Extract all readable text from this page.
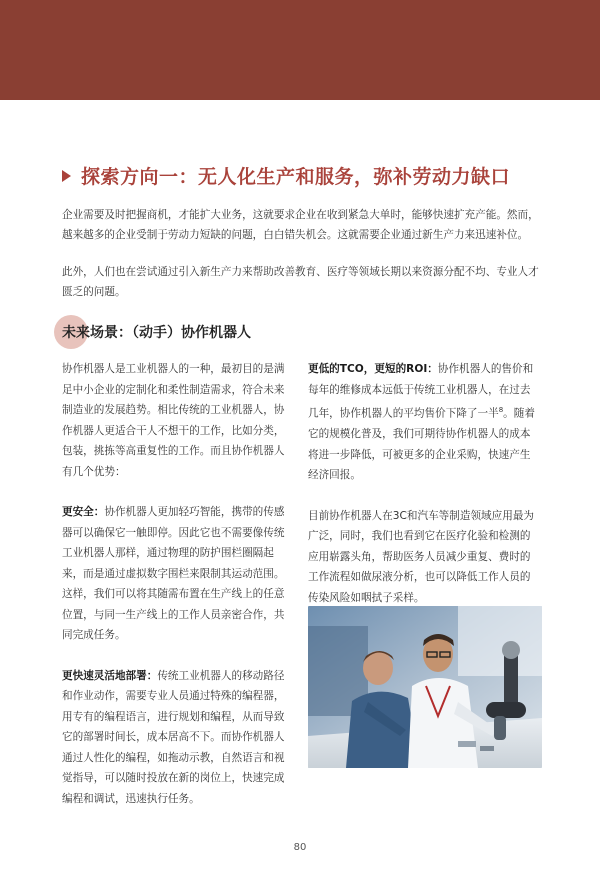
探索方向一：无人化生产和服务，弥补劳动力缺口

企业需要及时把握商机，才能扩大业务，这就要求企业在收到紧急大单时，能够快速扩充产能。然而，越来越多的企业受制于劳动力短缺的问题，白白错失机会。这就需要企业通过新生产力来迅速补位。

此外，人们也在尝试通过引入新生产力来帮助改善教育、医疗等领域长期以来资源分配不均、专业人才匮乏的问题。

未来场景：（动手）协作机器人

协作机器人是工业机器人的一种，最初目的是满足中小企业的定制化和柔性制造需求，符合未来制造业的发展趋势。相比传统的工业机器人，协作机器人更适合干人不想干的工作，比如分类，包装，挑拣等高重复性的工作。而且协作机器人有几个优势：

更安全：协作机器人更加轻巧智能，携带的传感器可以确保它一触即停。因此它也不需要像传统工业机器人那样，通过物理的防护围栏圈隔起来，而是通过虚拟数字围栏来限制其运动范围。这样，我们可以将其随需布置在生产线上的任意位置，与同一生产线上的工作人员亲密合作，共同完成任务。

更快速灵活地部署：传统工业机器人的移动路径和作业动作，需要专业人员通过特殊的编程器，用专有的编程语言，进行规划和编程，从而导致它的部署时间长，成本居高不下。而协作机器人通过人性化的编程，如拖动示教，自然语言和视觉指导，可以随时投放在新的岗位上，快速完成编程和调试，迅速执行任务。

更低的TCO，更短的ROI：协作机器人的售价和每年的维修成本远低于传统工业机器人，在过去几年，协作机器人的平均售价下降了一半$^8$。随着它的规模化普及，我们可期待协作机器人的成本将进一步降低，可被更多的企业采购，快速产生经济回报。

目前协作机器人在3C和汽车等制造领域应用最为广泛，同时，我们也看到它在医疗化验和检测的应用崭露头角，帮助医务人员减少重复、费时的工作流程如做尿液分析，也可以降低工作人员的传染风险如咽拭子采样。

80
